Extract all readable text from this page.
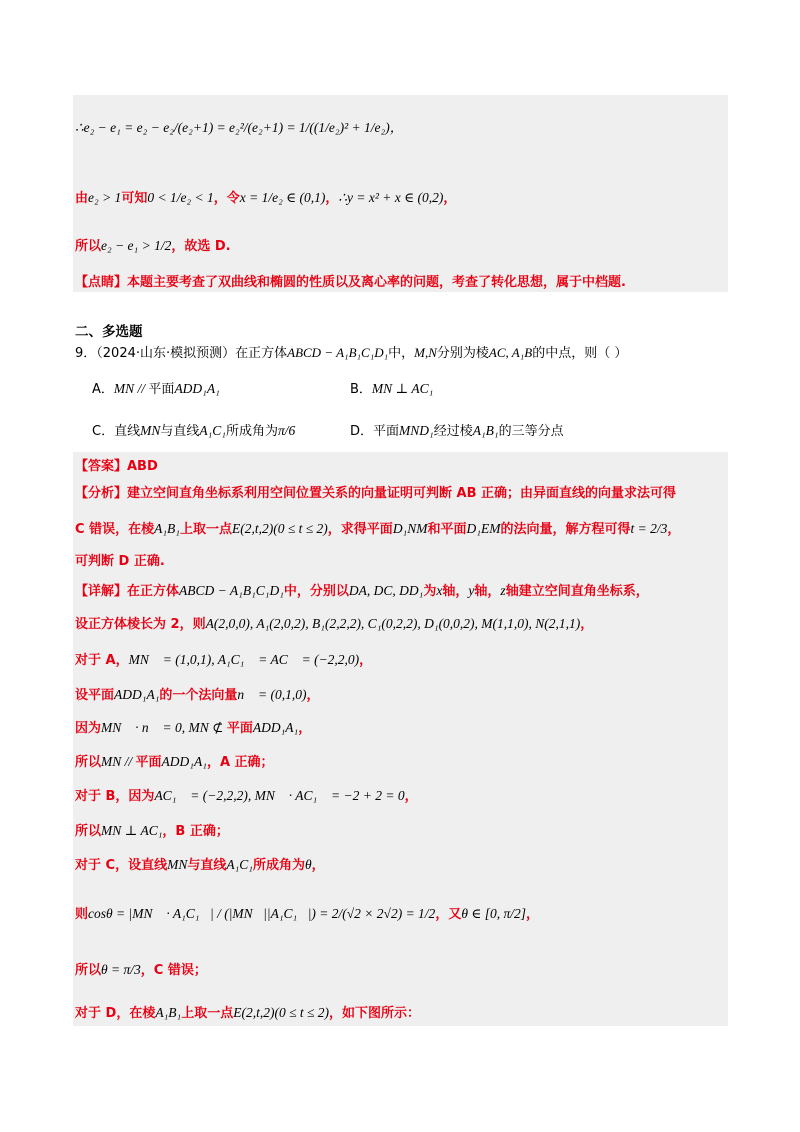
∴e₂ − e₁ = e₂ − e₂/(e₂+1) = e₂²/(e₂+1) = 1/((1/e₂)² + 1/e₂)，
由e₂ > 1可知0 < 1/e₂ < 1，令x = 1/e₂ ∈ (0,1)，∴y = x² + x ∈ (0,2)，
所以e₂ − e₁ > 1/2，故选 D.
【点睛】本题主要考查了双曲线和椭圆的性质以及离心率的问题，考查了转化思想，属于中档题.
二、多选题
9．（2024·山东·模拟预测）在正方体ABCD − A₁B₁C₁D₁中，M,N分别为棱AC, A₁B的中点，则（ ）
A．MN // 平面ADD₁A₁	B．MN ⊥ AC₁
C．直线MN与直线A₁C₁所成角为π/6	D．平面MND₁经过棱A₁B₁的三等分点
【答案】ABD
【分析】建立空间直角坐标系利用空间位置关系的向量证明可判断 AB 正确；由异面直线的向量求法可得
C 错误，在棱A₁B₁上取一点E(2,t,2)(0 ≤ t ≤ 2)，求得平面D₁NM和平面D₁EM的法向量，解方程可得t = 2/3，
可判断 D 正确.
【详解】在正方体ABCD − A₁B₁C₁D₁中，分别以DA, DC, DD₁为x轴，y轴，z轴建立空间直角坐标系，
设正方体棱长为 2，则A(2,0,0), A₁(2,0,2), B₁(2,2,2), C₁(0,2,2), D₁(0,0,2), M(1,1,0), N(2,1,1)，
对于 A，MN⃗ = (1,0,1), A₁C₁⃗ = AC⃗ = (−2,2,0)，
设平面ADD₁A₁的一个法向量n⃗ = (0,1,0)，
因为MN⃗ · n⃗ = 0, MN ⊄ 平面ADD₁A₁，
所以MN // 平面ADD₁A₁，A 正确；
对于 B，因为AC₁⃗ = (−2,2,2), MN⃗ · AC₁⃗ = −2 + 2 = 0，
所以MN ⊥ AC₁，B 正确；
对于 C，设直线MN与直线A₁C₁所成角为θ，
则cosθ = |MN⃗ · A₁C₁⃗| / (|MN⃗||A₁C₁⃗|) = 2/(√2 × 2√2) = 1/2，又θ ∈ [0, π/2]，
所以θ = π/3，C 错误；
对于 D，在棱A₁B₁上取一点E(2,t,2)(0 ≤ t ≤ 2)，如下图所示：
